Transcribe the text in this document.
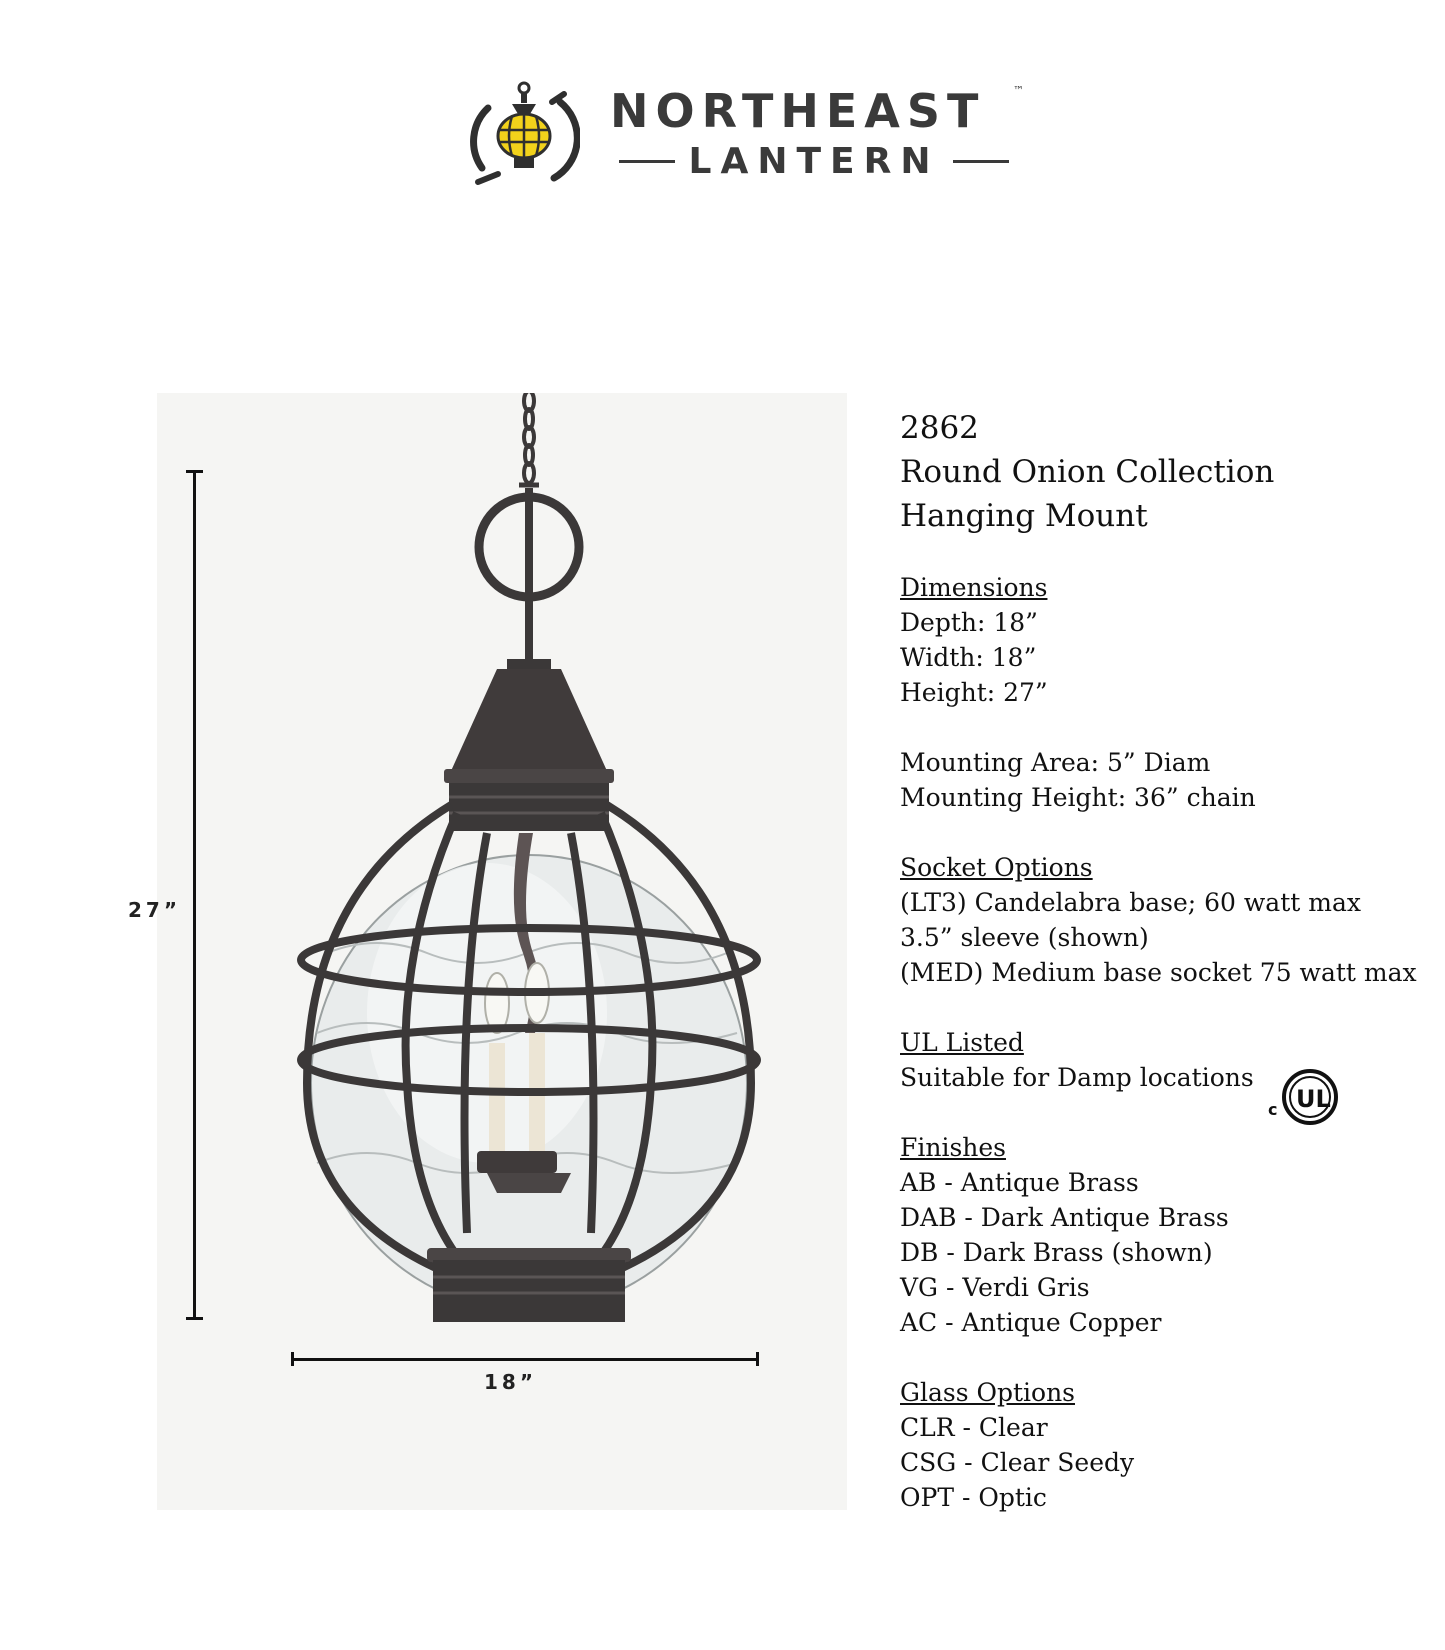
NORTHEAST	™
LANTERN
27”
18”

2862

Round Onion Collection

Hanging Mount

Dimensions

Depth: 18”

Width: 18”

Height: 27”

Mounting Area: 5” Diam

Mounting Height: 36” chain

Socket Options

(LT3) Candelabra base; 60 watt max

3.5” sleeve (shown)

(MED) Medium base socket 75 watt max

UL Listed

Suitable for Damp locations

Finishes

AB - Antique Brass

DAB - Dark Antique Brass

DB - Dark Brass (shown)

VG - Verdi Gris

AC - Antique Copper

Glass Options

CLR - Clear

CSG - Clear Seedy

OPT - Optic

c UL
